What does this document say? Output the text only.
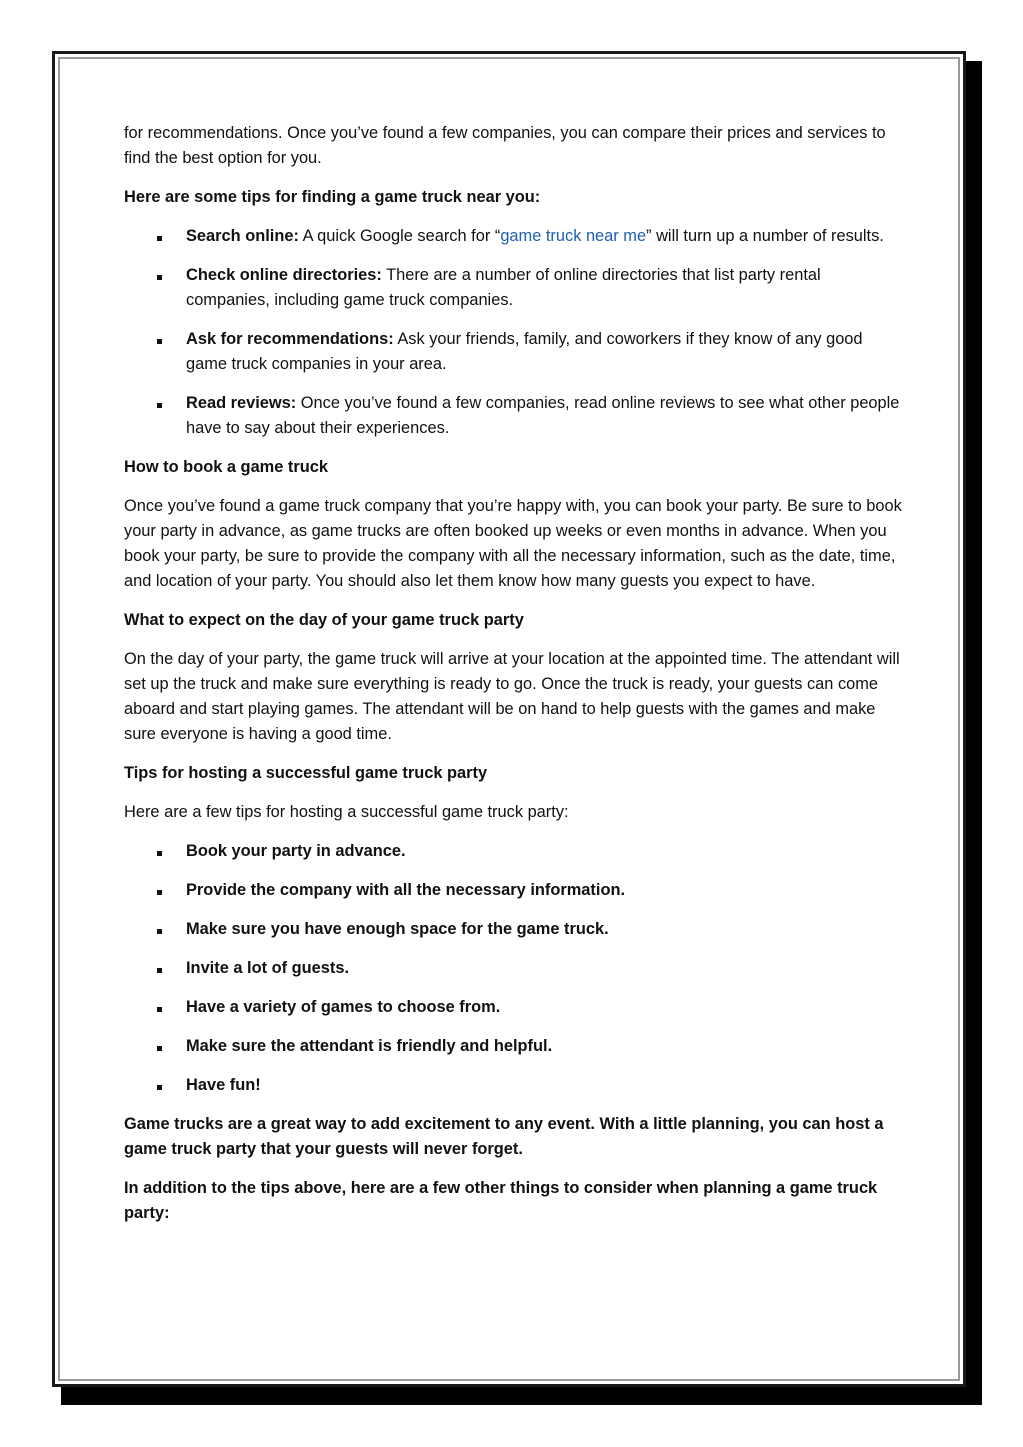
for recommendations. Once you’ve found a few companies, you can compare their prices and services to find the best option for you.

Here are some tips for finding a game truck near you:

Search online: A quick Google search for “game truck near me” will turn up a number of results.
Check online directories: There are a number of online directories that list party rental companies, including game truck companies.
Ask for recommendations: Ask your friends, family, and coworkers if they know of any good game truck companies in your area.
Read reviews: Once you’ve found a few companies, read online reviews to see what other people have to say about their experiences.

How to book a game truck

Once you’ve found a game truck company that you’re happy with, you can book your party. Be sure to book your party in advance, as game trucks are often booked up weeks or even months in advance. When you book your party, be sure to provide the company with all the necessary information, such as the date, time, and location of your party. You should also let them know how many guests you expect to have.

What to expect on the day of your game truck party

On the day of your party, the game truck will arrive at your location at the appointed time. The attendant will set up the truck and make sure everything is ready to go. Once the truck is ready, your guests can come aboard and start playing games. The attendant will be on hand to help guests with the games and make sure everyone is having a good time.

Tips for hosting a successful game truck party

Here are a few tips for hosting a successful game truck party:

Book your party in advance.
Provide the company with all the necessary information.
Make sure you have enough space for the game truck.
Invite a lot of guests.
Have a variety of games to choose from.
Make sure the attendant is friendly and helpful.
Have fun!

Game trucks are a great way to add excitement to any event. With a little planning, you can host a game truck party that your guests will never forget.

In addition to the tips above, here are a few other things to consider when planning a game truck party:
